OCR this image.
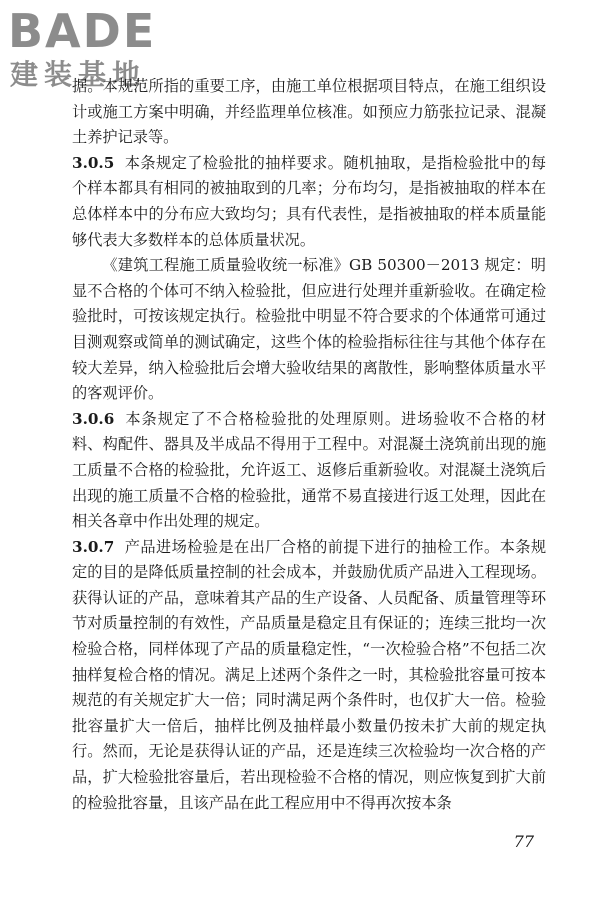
BADE
建装基地

据。本规范所指的重要工序，由施工单位根据项目特点，在施工组织设计或施工方案中明确，并经监理单位核准。如预应力筋张拉记录、混凝土养护记录等。

3.0.5 本条规定了检验批的抽样要求。随机抽取，是指检验批中的每个样本都具有相同的被抽取到的几率；分布均匀，是指被抽取的样本在总体样本中的分布应大致均匀；具有代表性，是指被抽取的样本质量能够代表大多数样本的总体质量状况。

《建筑工程施工质量验收统一标准》GB 50300－2013 规定：明显不合格的个体可不纳入检验批，但应进行处理并重新验收。在确定检验批时，可按该规定执行。检验批中明显不符合要求的个体通常可通过目测观察或简单的测试确定，这些个体的检验指标往往与其他个体存在较大差异，纳入检验批后会增大验收结果的离散性，影响整体质量水平的客观评价。

3.0.6 本条规定了不合格检验批的处理原则。进场验收不合格的材料、构配件、器具及半成品不得用于工程中。对混凝土浇筑前出现的施工质量不合格的检验批，允许返工、返修后重新验收。对混凝土浇筑后出现的施工质量不合格的检验批，通常不易直接进行返工处理，因此在相关各章中作出处理的规定。

3.0.7 产品进场检验是在出厂合格的前提下进行的抽检工作。本条规定的目的是降低质量控制的社会成本，并鼓励优质产品进入工程现场。获得认证的产品，意味着其产品的生产设备、人员配备、质量管理等环节对质量控制的有效性，产品质量是稳定且有保证的；连续三批均一次检验合格，同样体现了产品的质量稳定性，“一次检验合格”不包括二次抽样复检合格的情况。满足上述两个条件之一时，其检验批容量可按本规范的有关规定扩大一倍；同时满足两个条件时，也仅扩大一倍。检验批容量扩大一倍后，抽样比例及抽样最小数量仍按未扩大前的规定执行。然而，无论是获得认证的产品，还是连续三次检验均一次合格的产品，扩大检验批容量后，若出现检验不合格的情况，则应恢复到扩大前的检验批容量，且该产品在此工程应用中不得再次按本条

77
